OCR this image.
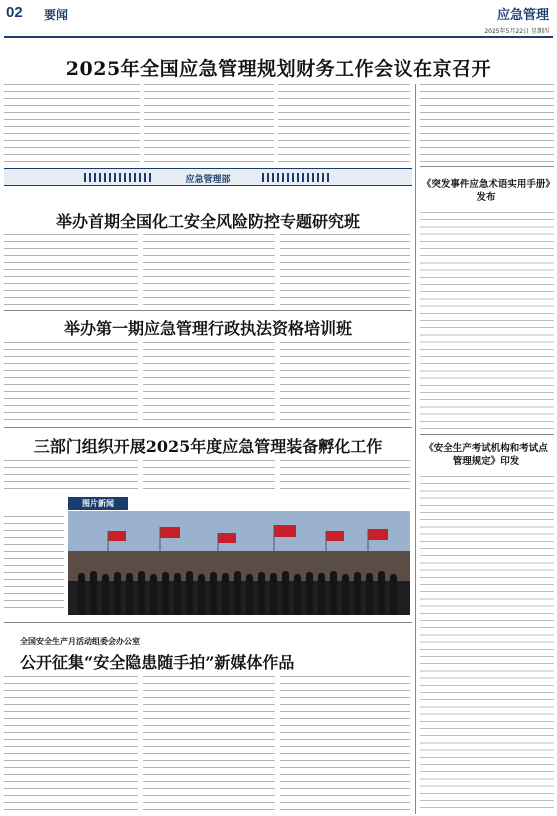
02 要闻	应急管理
2025年5月22日 星期四
2025年全国应急管理规划财务工作会议在京召开
应急管理部
举办首期全国化工安全风险防控专题研究班
举办第一期应急管理行政执法资格培训班
三部门组织开展2025年度应急管理装备孵化工作
《突发事件应急术语实用手册》发布
《安全生产考试机构和考试点管理规定》印发
图片新闻
全国安全生产月活动组委会办公室
公开征集“安全隐患随手拍”新媒体作品
